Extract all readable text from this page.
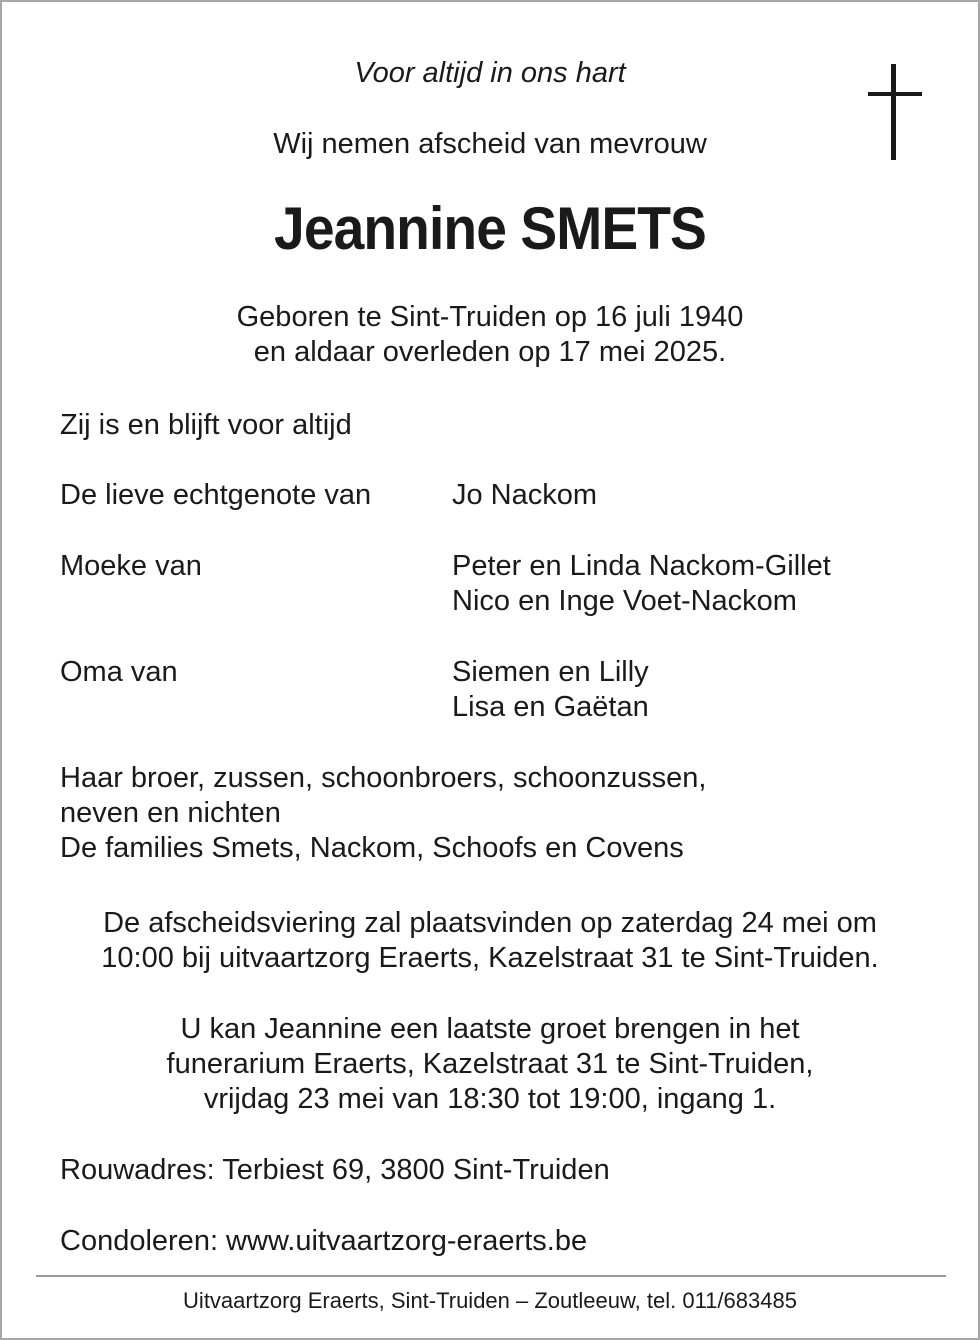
Voor altijd in ons hart
Wij nemen afscheid van mevrouw
Jeannine SMETS
Geboren te Sint-Truiden op 16 juli 1940
en aldaar overleden op 17 mei 2025.
Zij is en blijft voor altijd
De lieve echtgenote van	Jo Nackom
Moeke van	Peter en Linda Nackom-Gillet
Nico en Inge Voet-Nackom
Oma van	Siemen en Lilly
Lisa en Gaëtan
Haar broer, zussen, schoonbroers, schoonzussen,
neven en nichten
De families Smets, Nackom, Schoofs en Covens
De afscheidsviering zal plaatsvinden op zaterdag 24 mei om
10:00 bij uitvaartzorg Eraerts, Kazelstraat 31 te Sint-Truiden.
U kan Jeannine een laatste groet brengen in het
funerarium Eraerts, Kazelstraat 31 te Sint-Truiden,
vrijdag 23 mei van 18:30 tot 19:00, ingang 1.
Rouwadres: Terbiest 69, 3800 Sint-Truiden
Condoleren: www.uitvaartzorg-eraerts.be
Uitvaartzorg Eraerts, Sint-Truiden – Zoutleeuw, tel. 011/683485
